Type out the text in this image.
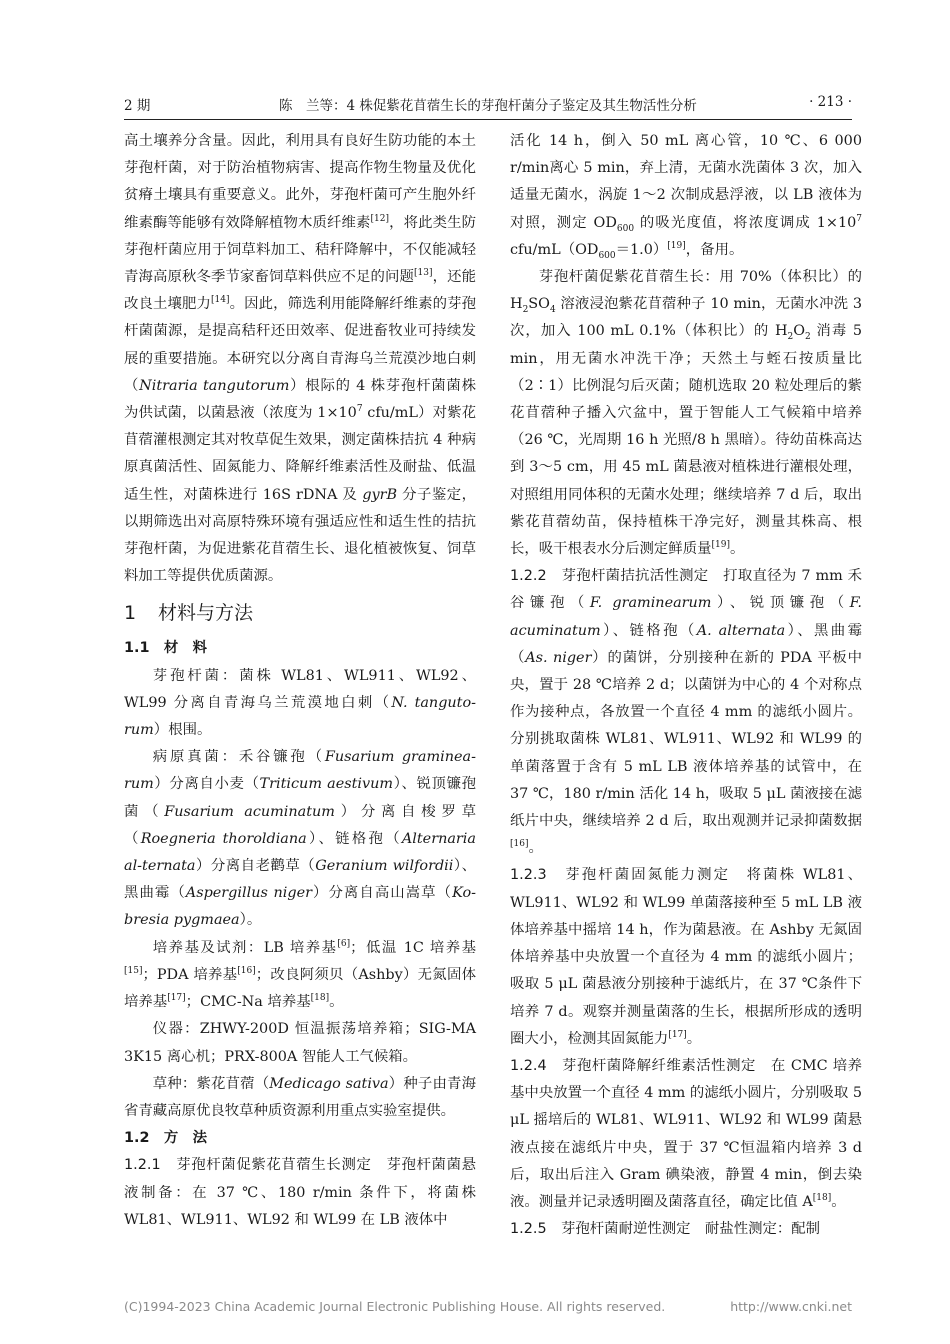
2 期	陈　兰等：4 株促紫花苜蓿生长的芽孢杆菌分子鉴定及其生物活性分析	· 213 ·

高土壤养分含量。因此，利用具有良好生防功能的本土芽孢杆菌，对于防治植物病害、提高作物生物量及优化贫瘠土壤具有重要意义。此外，芽孢杆菌可产生胞外纤维素酶等能够有效降解植物木质纤维素[12]，将此类生防芽孢杆菌应用于饲草料加工、秸秆降解中，不仅能减轻青海高原秋冬季节家畜饲草料供应不足的问题[13]，还能改良土壤肥力[14]。因此，筛选利用能降解纤维素的芽孢杆菌菌源，是提高秸秆还田效率、促进畜牧业可持续发展的重要措施。本研究以分离自青海乌兰荒漠沙地白刺（Nitraria tangutorum）根际的 4 株芽孢杆菌菌株为供试菌，以菌悬液（浓度为 $1\times 10^7$ cfu/mL）对紫花苜蓿灌根测定其对牧草促生效果，测定菌株拮抗 4 种病原真菌活性、固氮能力、降解纤维素活性及耐盐、低温适生性，对菌株进行 16S rDNA 及 gyrB 分子鉴定，以期筛选出对高原特殊环境有强适应性和适生性的拮抗芽孢杆菌，为促进紫花苜蓿生长、退化植被恢复、饲草料加工等提供优质菌源。

1 材料与方法
1.1　材　料

芽孢杆菌：菌株 WL81、WL911、WL92、WL99 分离自青海乌兰荒漠地白刺（N. tanguto-rum）根围。

病原真菌：禾谷镰孢（Fusarium graminea-rum）分离自小麦（Triticum aestivum）、锐顶镰孢菌（Fusarium acuminatum）分离自梭罗草（Roegneria thoroldiana）、链格孢（Alternaria al-ternata）分离自老鹳草（Geranium wilfordii）、黑曲霉（Aspergillus niger）分离自高山嵩草（Ko-bresia pygmaea）。

培养基及试剂：LB 培养基[6]；低温 1C 培养基[15]；PDA 培养基[16]；改良阿须贝（Ashby）无氮固体培养基[17]；CMC-Na 培养基[18]。

仪器：ZHWY-200D 恒温振荡培养箱；SIG-MA 3K15 离心机；PRX-800A 智能人工气候箱。

草种：紫花苜蓿（Medicago sativa）种子由青海省青藏高原优良牧草种质资源利用重点实验室提供。

1.2　方　法

1.2.1　芽孢杆菌促紫花苜蓿生长测定　芽孢杆菌菌悬液制备：在 37 ℃、180 r/min 条件下，将菌株 WL81、WL911、WL92 和 WL99 在 LB 液体中

活化 14 h，倒入 50 mL 离心管，10 ℃、6 000 r/min离心 5 min，弃上清，无菌水洗菌体 3 次，加入适量无菌水，涡旋 1～2 次制成悬浮液，以 LB 液体为对照，测定 $OD_{600}$ 的吸光度值，将浓度调成 $1\times 10^7$ cfu/$mL(OD_{600}=1.0)[19]$，备用。

芽孢杆菌促紫花苜蓿生长：用 70%（体积比）的 $H_2SO_4$ 溶液浸泡紫花苜蓿种子 10 min，无菌水冲洗 3 次，加入 100 mL 0.1%（体积比）的 $H_2O_2$ 消毒 5 min，用无菌水冲洗干净；天然土与蛭石按质量比（2∶1）比例混匀后灭菌；随机选取 20 粒处理后的紫花苜蓿种子播入穴盆中，置于智能人工气候箱中培养（26 ℃，光周期 16 h 光照/8 h 黑暗）。待幼苗株高达到 3～5 cm，用 45 mL 菌悬液对植株进行灌根处理，对照组用同体积的无菌水处理；继续培养 7 d 后，取出紫花苜蓿幼苗，保持植株干净完好，测量其株高、根长，吸干根表水分后测定鲜质量[19]。

1.2.2　芽孢杆菌拮抗活性测定　打取直径为 7 mm 禾谷镰孢（F. graminearum）、锐顶镰孢（F. acuminatum）、链格孢（A. alternata）、黑曲霉（As. niger）的菌饼，分别接种在新的 PDA 平板中央，置于 28 ℃培养 2 d；以菌饼为中心的 4 个对称点作为接种点，各放置一个直径 4 mm 的滤纸小圆片。分别挑取菌株 WL81、WL911、WL92 和 WL99 的单菌落置于含有 5 mL LB 液体培养基的试管中，在 37 ℃，180 r/min 活化 14 h，吸取 5 μL 菌液接在滤纸片中央，继续培养 2 d 后，取出观测并记录抑菌数据[16]。

1.2.3　芽孢杆菌固氮能力测定　将菌株 WL81、WL911、WL92 和 WL99 单菌落接种至 5 mL LB 液体培养基中摇培 14 h，作为菌悬液。在 Ashby 无氮固体培养基中央放置一个直径为 4 mm 的滤纸小圆片；吸取 5 μL 菌悬液分别接种于滤纸片，在 37 ℃条件下培养 7 d。观察并测量菌落的生长，根据所形成的透明圈大小，检测其固氮能力[17]。

1.2.4　芽孢杆菌降解纤维素活性测定　在 CMC 培养基中央放置一个直径 4 mm 的滤纸小圆片，分别吸取 5 μL 摇培后的 WL81、WL911、WL92 和 WL99 菌悬液点接在滤纸片中央，置于 37 ℃恒温箱内培养 3 d 后，取出后注入 Gram 碘染液，静置 4 min，倒去染液。测量并记录透明圈及菌落直径，确定比值 A[18]。

1.2.5　芽孢杆菌耐逆性测定　耐盐性测定：配制

(C)1994-2023 China Academic Journal Electronic Publishing House. All rights reserved.	http://www.cnki.net
